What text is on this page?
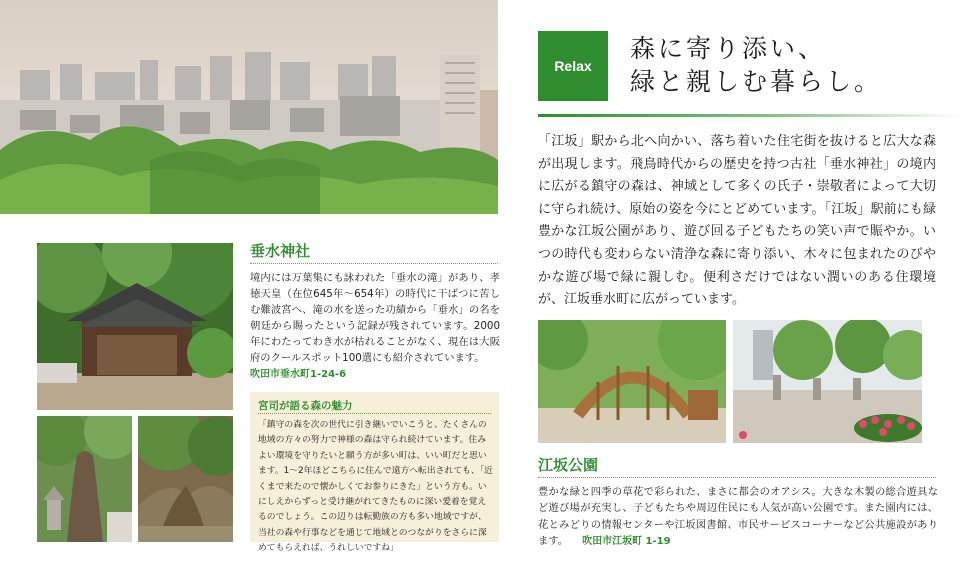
Relax
森に寄り添い、
緑と親しむ暮らし。
「江坂」駅から北へ向かい、落ち着いた住宅街を抜けると広大な森が出現します。飛鳥時代からの歴史を持つ古社「垂水神社」の境内に広がる鎮守の森は、神域として多くの氏子・崇敬者によって大切に守られ続け、原始の姿を今にとどめています。「江坂」駅前にも緑豊かな江坂公園があり、遊び回る子どもたちの笑い声で賑やか。いつの時代も変わらない清浄な森に寄り添い、木々に包まれたのびやかな遊び場で緑に親しむ。便利さだけではない潤いのある住環境が、江坂垂水町に広がっています。
垂水神社
境内には万葉集にも詠われた「垂水の滝」があり、孝徳天皇（在位645年〜654年）の時代に干ばつに苦しむ難波宮へ、滝の水を送った功績から「垂水」の名を朝廷から賜ったという記録が残されています。2000年にわたってわき水が枯れることがなく、現在は大阪府のクールスポット100選にも紹介されています。
吹田市垂水町1-24-6
宮司が語る森の魅力
「鎮守の森を次の世代に引き継いでいこうと、たくさんの地域の方々の努力で神様の森は守られ続けています。住みよい環境を守りたいと願う方が多い町は、いい町だと思います。1〜2年ほどこちらに住んで遠方へ転出されても、「近くまで来たので懐かしくてお参りにきた」という方も。いにしえからずっと受け継がれてきたものに深い愛着を覚えるのでしょう。この辺りは転勤族の方も多い地域ですが、当社の森や行事などを通じて地域とのつながりをさらに深めてもらえれば、うれしいですね」
江坂公園
豊かな緑と四季の草花で彩られた、まさに都会のオアシス。大きな木製の総合遊具など遊び場が充実し、子どもたちや周辺住民にも人気が高い公園です。また園内には、花とみどりの情報センターや江坂図書館、市民サービスコーナーなど公共施設があります。 吹田市江坂町 1-19
